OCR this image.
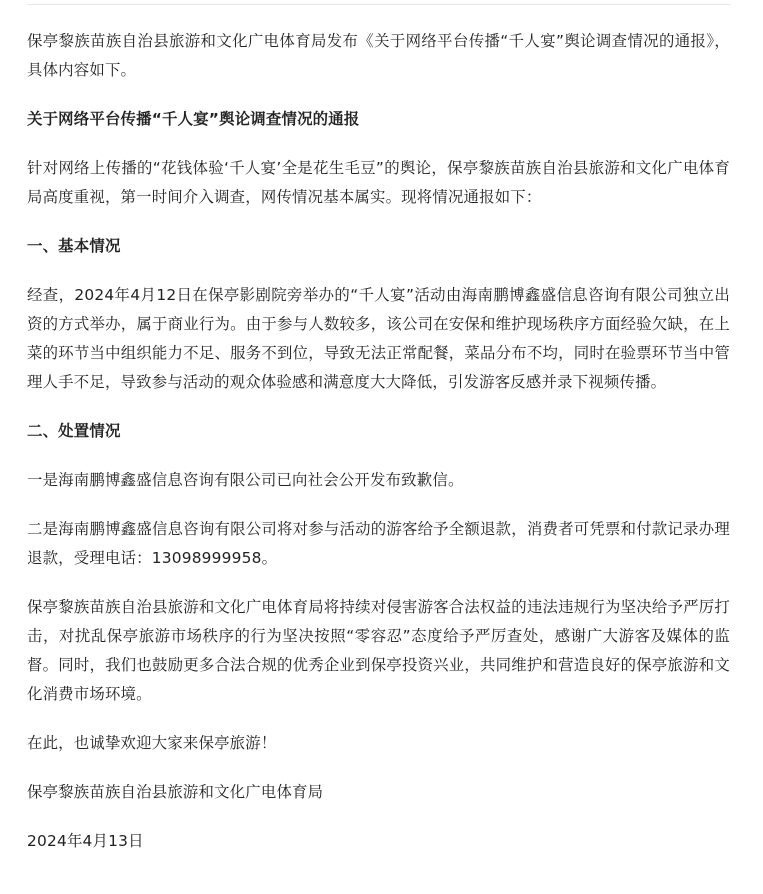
保亭黎族苗族自治县旅游和文化广电体育局发布《关于网络平台传播“千人宴”舆论调查情况的通报》，具体内容如下。

关于网络平台传播“千人宴”舆论调查情况的通报

针对网络上传播的“花钱体验‘千人宴’全是花生毛豆”的舆论，保亭黎族苗族自治县旅游和文化广电体育局高度重视，第一时间介入调查，网传情况基本属实。现将情况通报如下：

一、基本情况

经查，2024年4月12日在保亭影剧院旁举办的“千人宴”活动由海南鹏博鑫盛信息咨询有限公司独立出资的方式举办，属于商业行为。由于参与人数较多，该公司在安保和维护现场秩序方面经验欠缺，在上菜的环节当中组织能力不足、服务不到位，导致无法正常配餐，菜品分布不均，同时在验票环节当中管理人手不足，导致参与活动的观众体验感和满意度大大降低，引发游客反感并录下视频传播。

二、处置情况

一是海南鹏博鑫盛信息咨询有限公司已向社会公开发布致歉信。

二是海南鹏博鑫盛信息咨询有限公司将对参与活动的游客给予全额退款，消费者可凭票和付款记录办理退款，受理电话：13098999958。

保亭黎族苗族自治县旅游和文化广电体育局将持续对侵害游客合法权益的违法违规行为坚决给予严厉打击，对扰乱保亭旅游市场秩序的行为坚决按照“零容忍”态度给予严厉查处，感谢广大游客及媒体的监督。同时，我们也鼓励更多合法合规的优秀企业到保亭投资兴业，共同维护和营造良好的保亭旅游和文化消费市场环境。

在此，也诚挚欢迎大家来保亭旅游！

保亭黎族苗族自治县旅游和文化广电体育局

2024年4月13日
